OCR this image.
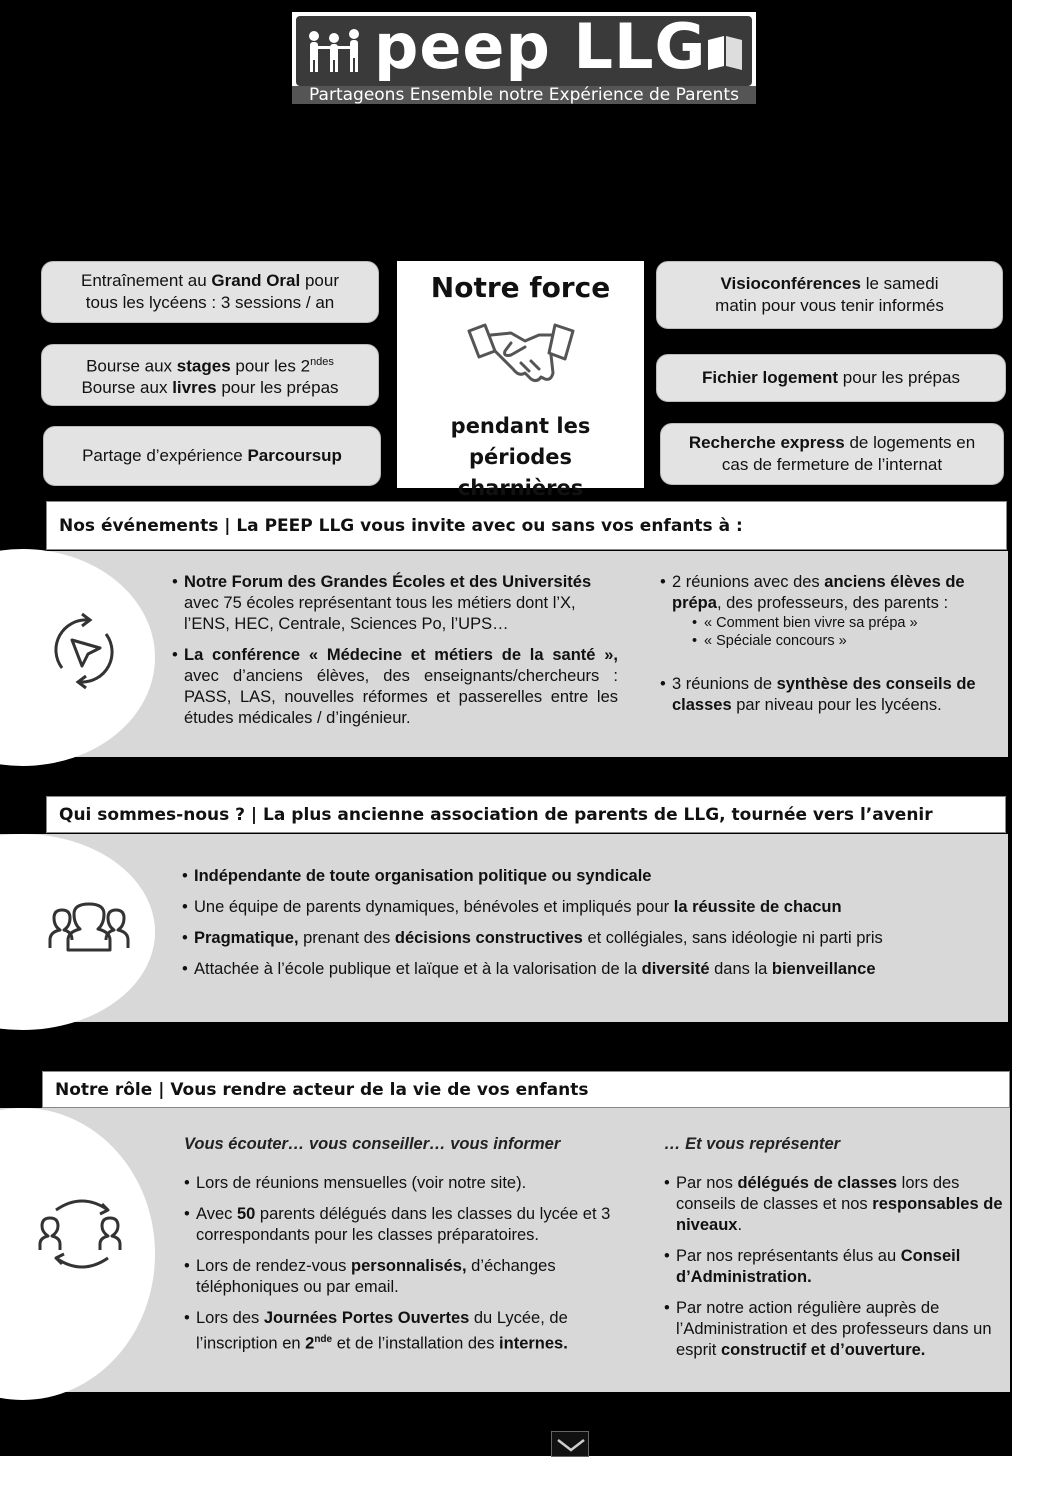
peep LLG
Partageons Ensemble notre Expérience de Parents
Entraînement au Grand Oral pour
tous les lycéens : 3 sessions / an
Bourse aux stages pour les $2^{ndes}$
Bourse aux livres pour les prépas
Partage d’expérience Parcoursup
Notre force
pendant les périodes
charnières
Visioconférences le samedi
matin pour vous tenir informés
Fichier logement pour les prépas
Recherche express de logements en
cas de fermeture de l’internat
Nos événements | La PEEP LLG vous invite avec ou sans vos enfants à :
• Notre Forum des Grandes Écoles et des Universités avec 75 écoles représentant tous les métiers dont l’X, l’ENS, HEC, Centrale, Sciences Po, l’UPS…
• La conférence « Médecine et métiers de la santé », avec d’anciens élèves, des enseignants/chercheurs : PASS, LAS, nouvelles réformes et passerelles entre les études médicales / d’ingénieur.
• 2 réunions avec des anciens élèves de prépa, des professeurs, des parents :
• « Comment bien vivre sa prépa »
• « Spéciale concours »
• 3 réunions de synthèse des conseils de classes par niveau pour les lycéens.
Qui sommes-nous ? | La plus ancienne association de parents de LLG, tournée vers l’avenir
• Indépendante de toute organisation politique ou syndicale
• Une équipe de parents dynamiques, bénévoles et impliqués pour la réussite de chacun
• Pragmatique, prenant des décisions constructives et collégiales, sans idéologie ni parti pris
• Attachée à l’école publique et laïque et à la valorisation de la diversité dans la bienveillance
Notre rôle | Vous rendre acteur de la vie de vos enfants
Vous écouter… vous conseiller… vous informer
• Lors de réunions mensuelles (voir notre site).
• Avec 50 parents délégués dans les classes du lycée et 3 correspondants pour les classes préparatoires.
• Lors de rendez-vous personnalisés, d’échanges téléphoniques ou par email.
• Lors des Journées Portes Ouvertes du Lycée, de l’inscription en 2nde et de l’installation des internes.
… Et vous représenter
• Par nos délégués de classes lors des conseils de classes et nos responsables de niveaux.
• Par nos représentants élus au Conseil d’Administration.
• Par notre action régulière auprès de l’Administration et des professeurs dans un esprit constructif et d’ouverture.
